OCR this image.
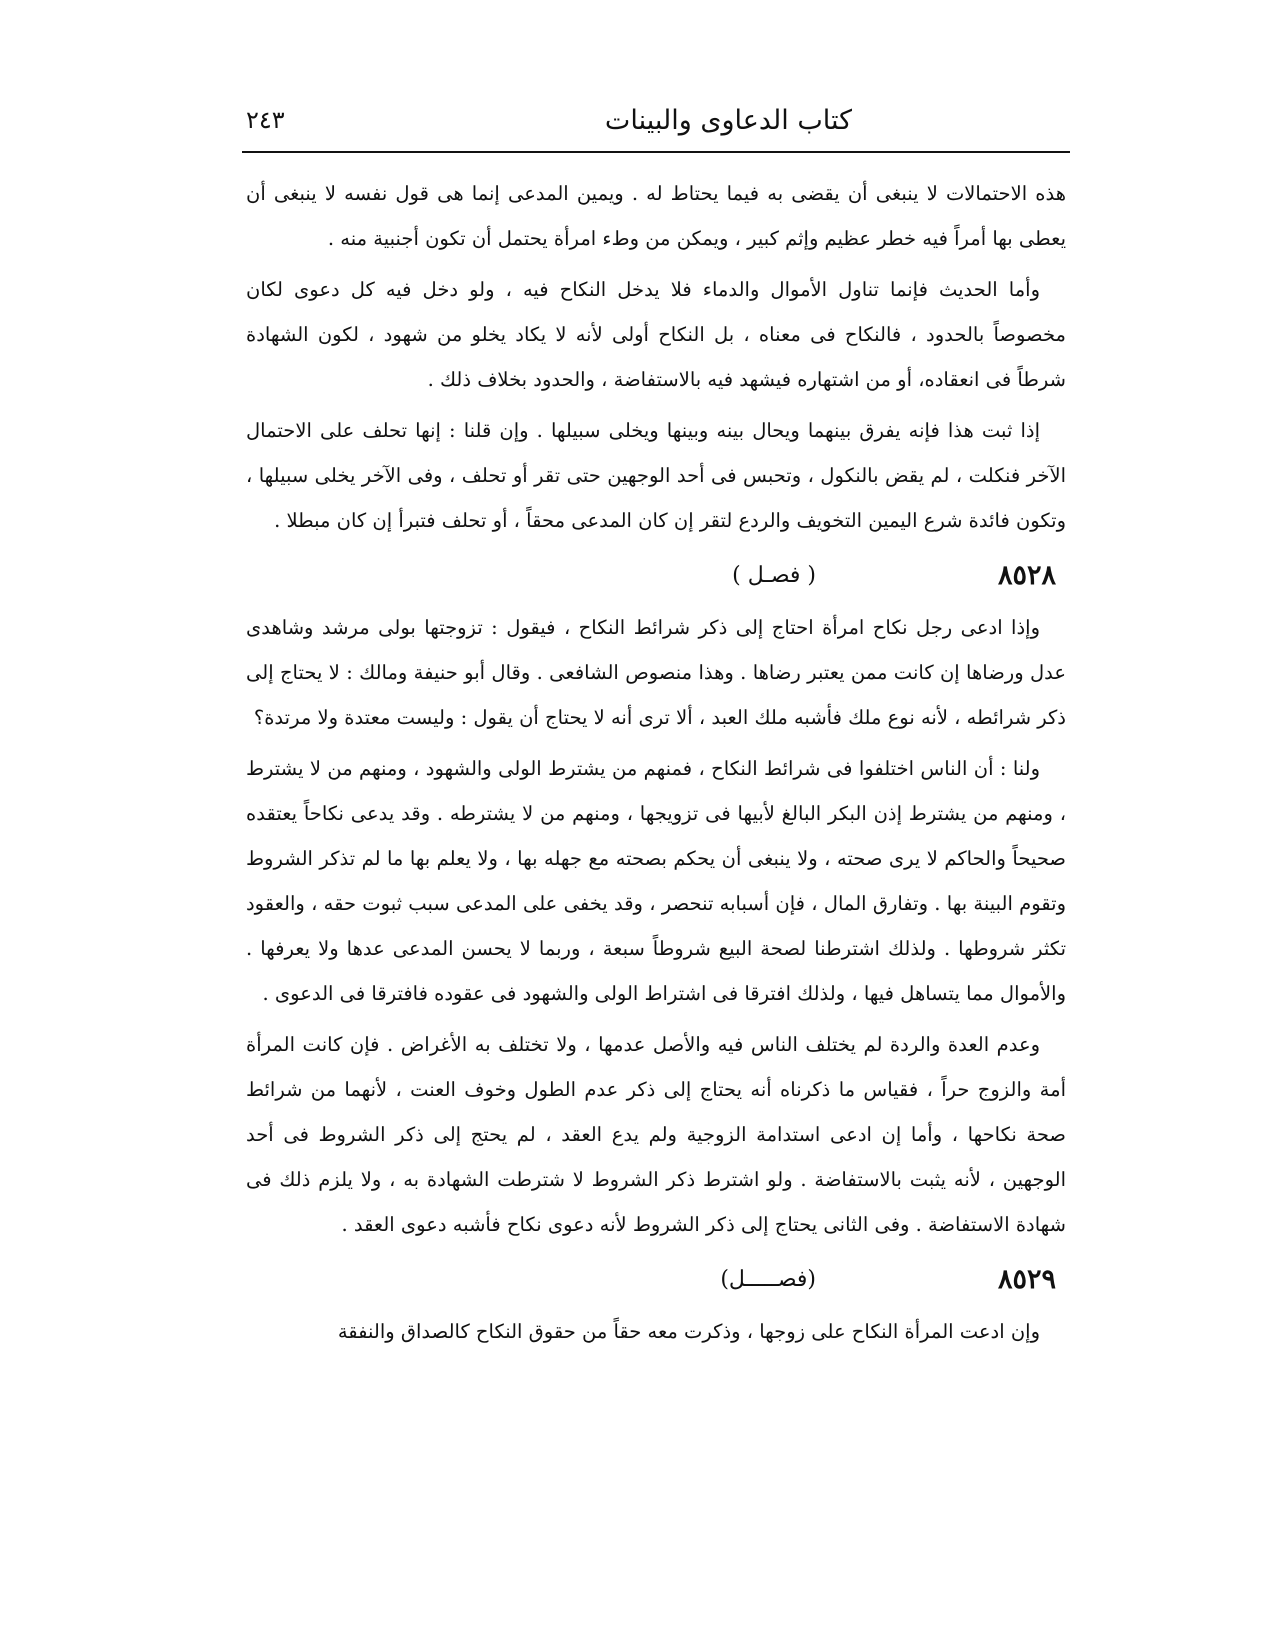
كتاب الدعاوى والبينات
٢٤٣

هذه الاحتمالات لا ينبغى أن يقضى به فيما يحتاط له . ويمين المدعى إنما هى قول نفسه لا ينبغى أن يعطى بها أمراً فيه خطر عظيم وإثم كبير ، ويمكن من وطء امرأة يحتمل أن تكون أجنبية منه .

وأما الحديث فإنما تناول الأموال والدماء فلا يدخل النكاح فيه ، ولو دخل فيه كل دعوى لكان مخصوصاً بالحدود ، فالنكاح فى معناه ، بل النكاح أولى لأنه لا يكاد يخلو من شهود ، لكون الشهادة شرطاً فى انعقاده، أو من اشتهاره فيشهد فيه بالاستفاضة ، والحدود بخلاف ذلك .

إذا ثبت هذا فإنه يفرق بينهما ويحال بينه وبينها ويخلى سبيلها . وإن قلنا : إنها تحلف على الاحتمال الآخر فنكلت ، لم يقض بالنكول ، وتحبس فى أحد الوجهين حتى تقر أو تحلف ، وفى الآخر يخلى سبيلها ، وتكون فائدة شرع اليمين التخويف والردع لتقر إن كان المدعى محقاً ، أو تحلف فتبرأ إن كان مبطلا .

٨٥٢٨
( فصـل )

وإذا ادعى رجل نكاح امرأة احتاج إلى ذكر شرائط النكاح ، فيقول : تزوجتها بولى مرشد وشاهدى عدل ورضاها إن كانت ممن يعتبر رضاها . وهذا منصوص الشافعى . وقال أبو حنيفة ومالك : لا يحتاج إلى ذكر شرائطه ، لأنه نوع ملك فأشبه ملك العبد ، ألا ترى أنه لا يحتاج أن يقول : وليست معتدة ولا مرتدة؟

ولنا : أن الناس اختلفوا فى شرائط النكاح ، فمنهم من يشترط الولى والشهود ، ومنهم من لا يشترط ، ومنهم من يشترط إذن البكر البالغ لأبيها فى تزويجها ، ومنهم من لا يشترطه . وقد يدعى نكاحاً يعتقده صحيحاً والحاكم لا يرى صحته ، ولا ينبغى أن يحكم بصحته مع جهله بها ، ولا يعلم بها ما لم تذكر الشروط وتقوم البينة بها . وتفارق المال ، فإن أسبابه تنحصر ، وقد يخفى على المدعى سبب ثبوت حقه ، والعقود تكثر شروطها . ولذلك اشترطنا لصحة البيع شروطاً سبعة ، وربما لا يحسن المدعى عدها ولا يعرفها . والأموال مما يتساهل فيها ، ولذلك افترقا فى اشتراط الولى والشهود فى عقوده فافترقا فى الدعوى .

وعدم العدة والردة لم يختلف الناس فيه والأصل عدمها ، ولا تختلف به الأغراض . فإن كانت المرأة أمة والزوج حراً ، فقياس ما ذكرناه أنه يحتاج إلى ذكر عدم الطول وخوف العنت ، لأنهما من شرائط صحة نكاحها ، وأما إن ادعى استدامة الزوجية ولم يدع العقد ، لم يحتج إلى ذكر الشروط فى أحد الوجهين ، لأنه يثبت بالاستفاضة . ولو اشترط ذكر الشروط لا شترطت الشهادة به ، ولا يلزم ذلك فى شهادة الاستفاضة . وفى الثانى يحتاج إلى ذكر الشروط لأنه دعوى نكاح فأشبه دعوى العقد .

٨٥٢٩
(فصـــــل)

وإن ادعت المرأة النكاح على زوجها ، وذكرت معه حقاً من حقوق النكاح كالصداق والنفقة
